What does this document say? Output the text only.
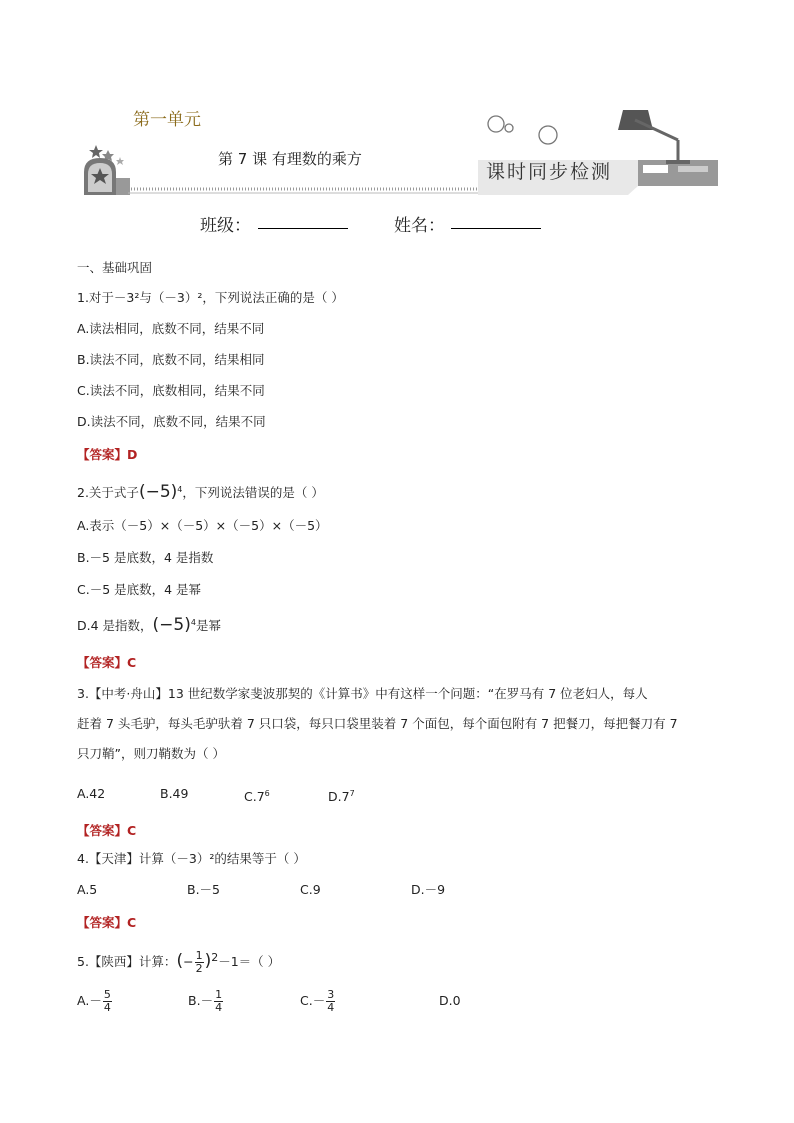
第一单元
第 7 课 有理数的乘方
课时同步检测
班级：	姓名：
一、基础巩固
1.对于－3²与（－3）²，下列说法正确的是（ ）
A.读法相同，底数不同，结果不同
B.读法不同，底数不同，结果相同
C.读法不同，底数相同，结果不同
D.读法不同，底数不同，结果不同
【答案】D
2.关于式子$(-5)^4$，下列说法错误的是（ ）
A.表示（－5）×（－5）×（－5）×（－5）
B.－5 是底数，4 是指数
C.－5 是底数，4 是幂
D.4 是指数，$(-5)^4$是幂
【答案】C
3.【中考·舟山】13 世纪数学家斐波那契的《计算书》中有这样一个问题：“在罗马有 7 位老妇人，每人
赶着 7 头毛驴，每头毛驴驮着 7 只口袋，每只口袋里装着 7 个面包，每个面包附有 7 把餐刀，每把餐刀有 7
只刀鞘”，则刀鞘数为（ ）
A.42	B.49	$C.7^6$	$D.7^7$
【答案】C
4.【天津】计算（－3）²的结果等于（ ）
A.5	B.－5	C.9	D.－9
【答案】C
5.【陕西】计算：(− $\frac{1}{2} )2-1=$（ ）
$A.- \frac{5}{4}$	$B.- \frac{1}{4}$	$C.- \frac{3}{4}$	D.0
